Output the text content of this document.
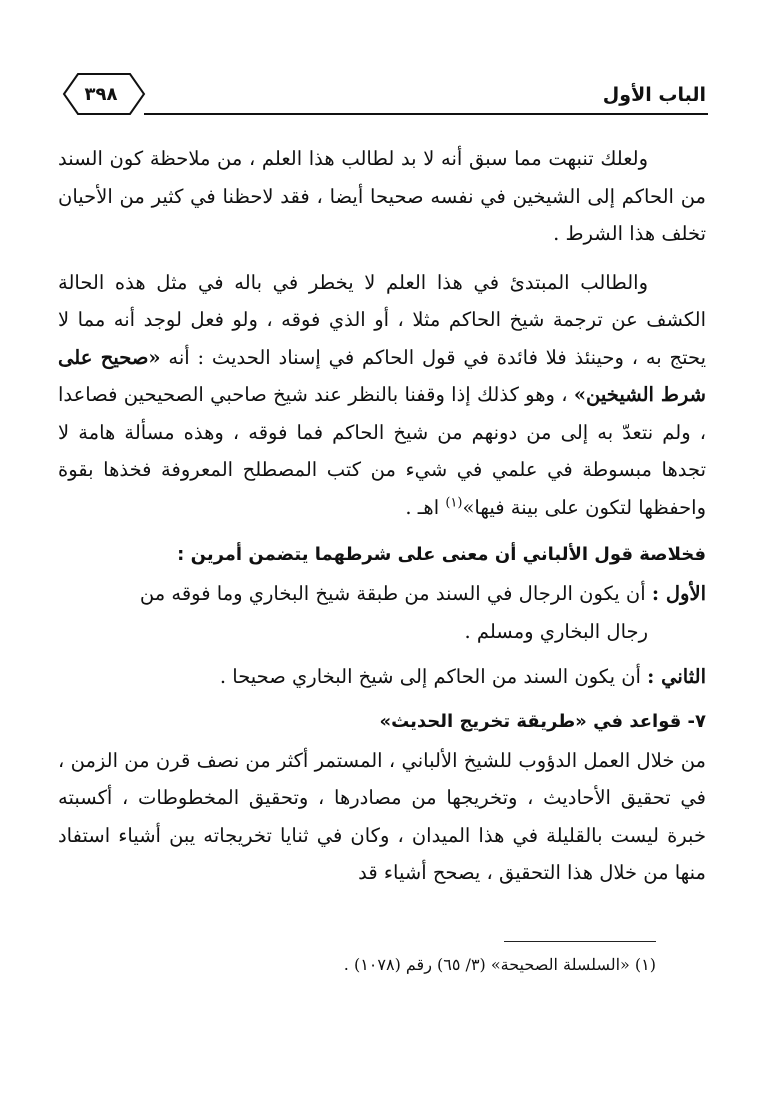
٣٩٨	الباب الأول

ولعلك تنبهت مما سبق أنه لا بد لطالب هذا العلم ، من ملاحظة كون السند من الحاكم إلى الشيخين في نفسه صحيحا أيضا ، فقد لاحظنا في كثير من الأحيان تخلف هذا الشرط .

والطالب المبتدئ في هذا العلم لا يخطر في باله في مثل هذه الحالة الكشف عن ترجمة شيخ الحاكم مثلا ، أو الذي فوقه ، ولو فعل لوجد أنه مما لا يحتج به ، وحينئذ فلا فائدة في قول الحاكم في إسناد الحديث : أنه «صحيح على شرط الشيخين» ، وهو كذلك إذا وقفنا بالنظر عند شيخ صاحبي الصحيحين فصاعدا ، ولم نتعدّ به إلى من دونهم من شيخ الحاكم فما فوقه ، وهذه مسألة هامة لا تجدها مبسوطة في علمي في شيء من كتب المصطلح المعروفة فخذها بقوة واحفظها لتكون على بينة فيها»$^{(١)}$ اهـ .

فخلاصة قول الألباني أن معنى على شرطهما يتضمن أمرين :
الأول : أن يكون الرجال في السند من طبقة شيخ البخاري وما فوقه من
رجال البخاري ومسلم .
الثاني : أن يكون السند من الحاكم إلى شيخ البخاري صحيحا .
٧- قواعد في «طريقة تخريج الحديث»

من خلال العمل الدؤوب للشيخ الألباني ، المستمر أكثر من نصف قرن من الزمن ، في تحقيق الأحاديث ، وتخريجها من مصادرها ، وتحقيق المخطوطات ، أكسبته خبرة ليست بالقليلة في هذا الميدان ، وكان في ثنايا تخريجاته يبن أشياء استفاد منها من خلال هذا التحقيق ، يصحح أشياء قد

(١) «السلسلة الصحيحة» (٣/ ٦٥) رقم (١٠٧٨) .
